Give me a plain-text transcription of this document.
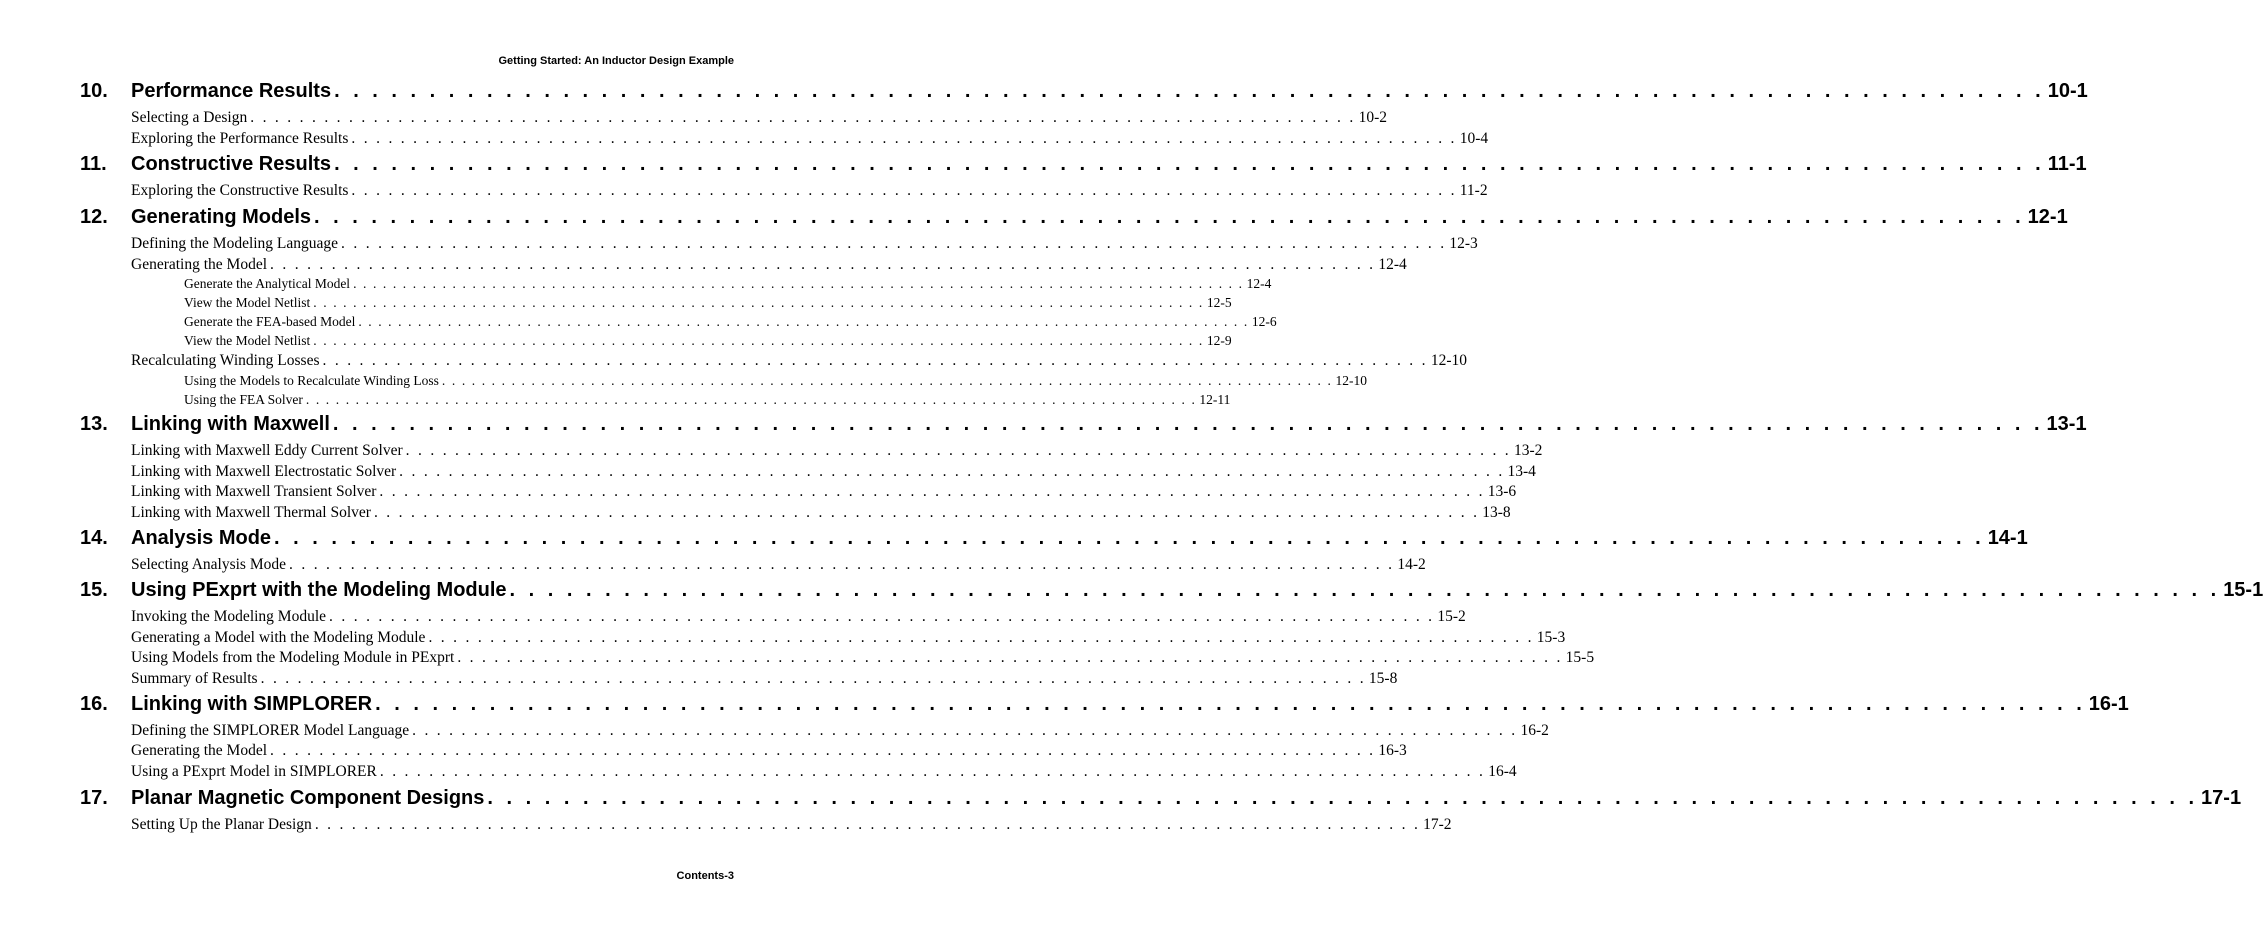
Getting Started: An Inductor Design Example
10.	Performance Results . . . . . . . . . . . . . . . . . . . . . . . . . . . . . . . . . . . . . . . . . . . . . . . . . . . . . . . . . . . . . . . . . . . . . . . . . . . . . . . . . . . . . . . . . . 10-1
Selecting a Design . . . . . . . . . . . . . . . . . . . . . . . . . . . . . . . . . . . . . . . . . . . . . . . . . . . . . . . . . . . . . . . . . . . . . . . . . . . . . . . . . . . . . . . . . . 10-2
Exploring the Performance Results . . . . . . . . . . . . . . . . . . . . . . . . . . . . . . . . . . . . . . . . . . . . . . . . . . . . . . . . . . . . . . . . . . . . . . . . . . . . . . . . . . . . . . . . . . 10-4
11.	Constructive Results . . . . . . . . . . . . . . . . . . . . . . . . . . . . . . . . . . . . . . . . . . . . . . . . . . . . . . . . . . . . . . . . . . . . . . . . . . . . . . . . . . . . . . . . . . 11-1
Exploring the Constructive Results . . . . . . . . . . . . . . . . . . . . . . . . . . . . . . . . . . . . . . . . . . . . . . . . . . . . . . . . . . . . . . . . . . . . . . . . . . . . . . . . . . . . . . . . . . 11-2
12.	Generating Models . . . . . . . . . . . . . . . . . . . . . . . . . . . . . . . . . . . . . . . . . . . . . . . . . . . . . . . . . . . . . . . . . . . . . . . . . . . . . . . . . . . . . . . . . . 12-1
Defining the Modeling Language . . . . . . . . . . . . . . . . . . . . . . . . . . . . . . . . . . . . . . . . . . . . . . . . . . . . . . . . . . . . . . . . . . . . . . . . . . . . . . . . . . . . . . . . . . 12-3
Generating the Model . . . . . . . . . . . . . . . . . . . . . . . . . . . . . . . . . . . . . . . . . . . . . . . . . . . . . . . . . . . . . . . . . . . . . . . . . . . . . . . . . . . . . . . . . . 12-4
Generate the Analytical Model . . . . . . . . . . . . . . . . . . . . . . . . . . . . . . . . . . . . . . . . . . . . . . . . . . . . . . . . . . . . . . . . . . . . . . . . . . . . . . . . . . . . . . . . . . 12-4
View the Model Netlist . . . . . . . . . . . . . . . . . . . . . . . . . . . . . . . . . . . . . . . . . . . . . . . . . . . . . . . . . . . . . . . . . . . . . . . . . . . . . . . . . . . . . . . . . . 12-5
Generate the FEA-based Model . . . . . . . . . . . . . . . . . . . . . . . . . . . . . . . . . . . . . . . . . . . . . . . . . . . . . . . . . . . . . . . . . . . . . . . . . . . . . . . . . . . . . . . . . . 12-6
View the Model Netlist . . . . . . . . . . . . . . . . . . . . . . . . . . . . . . . . . . . . . . . . . . . . . . . . . . . . . . . . . . . . . . . . . . . . . . . . . . . . . . . . . . . . . . . . . . 12-9
Recalculating Winding Losses . . . . . . . . . . . . . . . . . . . . . . . . . . . . . . . . . . . . . . . . . . . . . . . . . . . . . . . . . . . . . . . . . . . . . . . . . . . . . . . . . . . . . . . . . . 12-10
Using the Models to Recalculate Winding Loss . . . . . . . . . . . . . . . . . . . . . . . . . . . . . . . . . . . . . . . . . . . . . . . . . . . . . . . . . . . . . . . . . . . . . . . . . . . . . . . . . . . . . . . . . . 12-10
Using the FEA Solver . . . . . . . . . . . . . . . . . . . . . . . . . . . . . . . . . . . . . . . . . . . . . . . . . . . . . . . . . . . . . . . . . . . . . . . . . . . . . . . . . . . . . . . . . . 12-11
13.	Linking with Maxwell . . . . . . . . . . . . . . . . . . . . . . . . . . . . . . . . . . . . . . . . . . . . . . . . . . . . . . . . . . . . . . . . . . . . . . . . . . . . . . . . . . . . . . . . . . 13-1
Linking with Maxwell Eddy Current Solver . . . . . . . . . . . . . . . . . . . . . . . . . . . . . . . . . . . . . . . . . . . . . . . . . . . . . . . . . . . . . . . . . . . . . . . . . . . . . . . . . . . . . . . . . . 13-2
Linking with Maxwell Electrostatic Solver . . . . . . . . . . . . . . . . . . . . . . . . . . . . . . . . . . . . . . . . . . . . . . . . . . . . . . . . . . . . . . . . . . . . . . . . . . . . . . . . . . . . . . . . . . 13-4
Linking with Maxwell Transient Solver . . . . . . . . . . . . . . . . . . . . . . . . . . . . . . . . . . . . . . . . . . . . . . . . . . . . . . . . . . . . . . . . . . . . . . . . . . . . . . . . . . . . . . . . . . 13-6
Linking with Maxwell Thermal Solver . . . . . . . . . . . . . . . . . . . . . . . . . . . . . . . . . . . . . . . . . . . . . . . . . . . . . . . . . . . . . . . . . . . . . . . . . . . . . . . . . . . . . . . . . . 13-8
14.	Analysis Mode . . . . . . . . . . . . . . . . . . . . . . . . . . . . . . . . . . . . . . . . . . . . . . . . . . . . . . . . . . . . . . . . . . . . . . . . . . . . . . . . . . . . . . . . . . 14-1
Selecting Analysis Mode . . . . . . . . . . . . . . . . . . . . . . . . . . . . . . . . . . . . . . . . . . . . . . . . . . . . . . . . . . . . . . . . . . . . . . . . . . . . . . . . . . . . . . . . . . 14-2
15.	Using PExprt with the Modeling Module . . . . . . . . . . . . . . . . . . . . . . . . . . . . . . . . . . . . . . . . . . . . . . . . . . . . . . . . . . . . . . . . . . . . . . . . . . . . . . . . . . . . . . . . . . 15-1
Invoking the Modeling Module . . . . . . . . . . . . . . . . . . . . . . . . . . . . . . . . . . . . . . . . . . . . . . . . . . . . . . . . . . . . . . . . . . . . . . . . . . . . . . . . . . . . . . . . . . 15-2
Generating a Model with the Modeling Module . . . . . . . . . . . . . . . . . . . . . . . . . . . . . . . . . . . . . . . . . . . . . . . . . . . . . . . . . . . . . . . . . . . . . . . . . . . . . . . . . . . . . . . . . . 15-3
Using Models from the Modeling Module in PExprt . . . . . . . . . . . . . . . . . . . . . . . . . . . . . . . . . . . . . . . . . . . . . . . . . . . . . . . . . . . . . . . . . . . . . . . . . . . . . . . . . . . . . . . . . . 15-5
Summary of Results . . . . . . . . . . . . . . . . . . . . . . . . . . . . . . . . . . . . . . . . . . . . . . . . . . . . . . . . . . . . . . . . . . . . . . . . . . . . . . . . . . . . . . . . . . 15-8
16.	Linking with SIMPLORER . . . . . . . . . . . . . . . . . . . . . . . . . . . . . . . . . . . . . . . . . . . . . . . . . . . . . . . . . . . . . . . . . . . . . . . . . . . . . . . . . . . . . . . . . . 16-1
Defining the SIMPLORER Model Language . . . . . . . . . . . . . . . . . . . . . . . . . . . . . . . . . . . . . . . . . . . . . . . . . . . . . . . . . . . . . . . . . . . . . . . . . . . . . . . . . . . . . . . . . . 16-2
Generating the Model . . . . . . . . . . . . . . . . . . . . . . . . . . . . . . . . . . . . . . . . . . . . . . . . . . . . . . . . . . . . . . . . . . . . . . . . . . . . . . . . . . . . . . . . . . 16-3
Using a PExprt Model in SIMPLORER . . . . . . . . . . . . . . . . . . . . . . . . . . . . . . . . . . . . . . . . . . . . . . . . . . . . . . . . . . . . . . . . . . . . . . . . . . . . . . . . . . . . . . . . . . 16-4
17.	Planar Magnetic Component Designs . . . . . . . . . . . . . . . . . . . . . . . . . . . . . . . . . . . . . . . . . . . . . . . . . . . . . . . . . . . . . . . . . . . . . . . . . . . . . . . . . . . . . . . . . . 17-1
Setting Up the Planar Design . . . . . . . . . . . . . . . . . . . . . . . . . . . . . . . . . . . . . . . . . . . . . . . . . . . . . . . . . . . . . . . . . . . . . . . . . . . . . . . . . . . . . . . . . . 17-2
Contents-3
